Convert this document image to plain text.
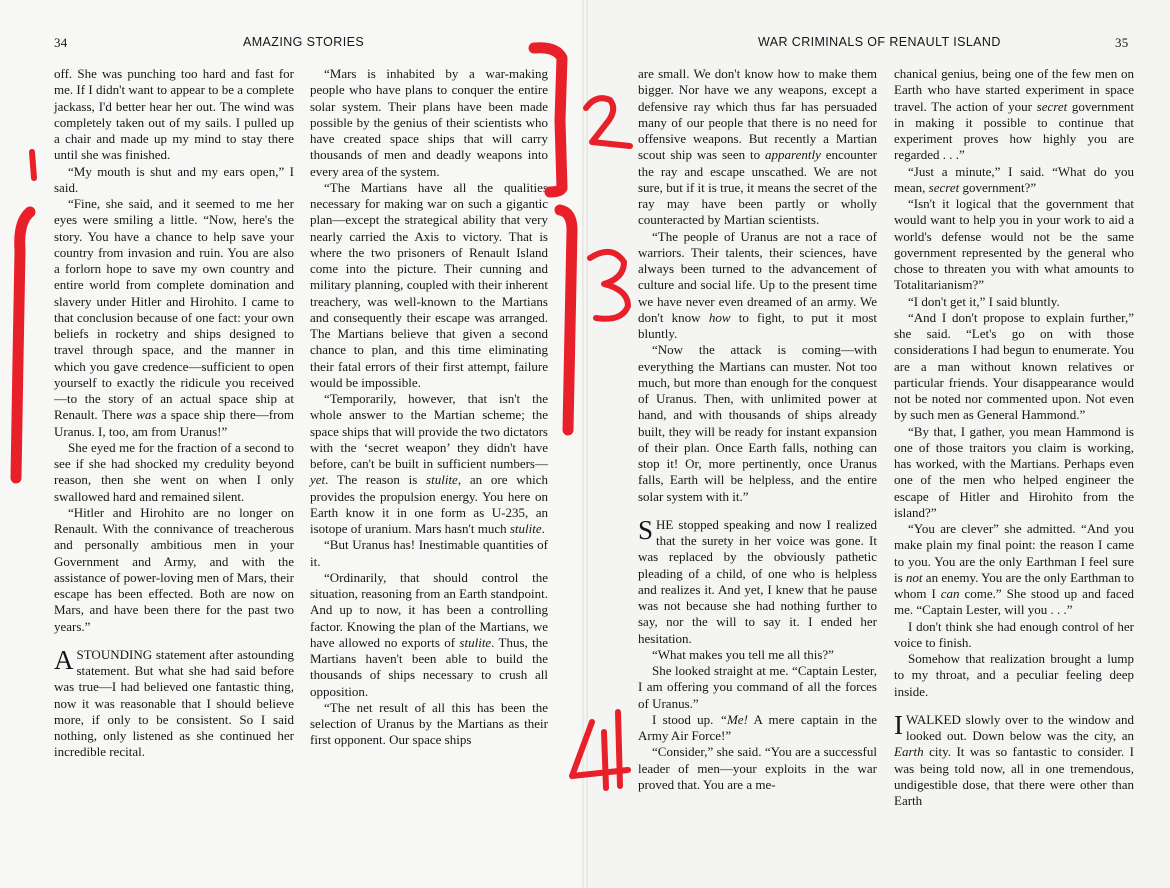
34	AMAZING STORIES

off. She was punching too hard and fast for me. If I didn't want to appear to be a complete jackass, I'd better hear her out. The wind was completely taken out of my sails. I pulled up a chair and made up my mind to stay there until she was finished.

“My mouth is shut and my ears open,” I said.

“Fine, she said, and it seemed to me her eyes were smiling a little. “Now, here's the story. You have a chance to help save your country from invasion and ruin. You are also a forlorn hope to save my own country and entire world from complete domination and slavery under Hitler and Hirohito. I came to that conclusion because of one fact: your own beliefs in rocketry and ships designed to travel through space, and the manner in which you gave credence—sufficient to open yourself to exactly the ridicule you received—to the story of an actual space ship at Renault. There was a space ship there—from Uranus. I, too, am from Uranus!”

She eyed me for the fraction of a second to see if she had shocked my credulity beyond reason, then she went on when I only swallowed hard and remained silent.

“Hitler and Hirohito are no longer on Renault. With the connivance of treacherous and personally ambitious men in your Government and Army, and with the assistance of power-loving men of Mars, their escape has been effected. Both are now on Mars, and have been there for the past two years.”

ASTOUNDING statement after astounding statement. But what she had said before was true—I had believed one fantastic thing, now it was reasonable that I should believe more, if only to be consistent. So I said nothing, only listened as she continued her incredible recital.

“Mars is inhabited by a war-making people who have plans to conquer the entire solar system. Their plans have been made possible by the genius of their scientists who have created space ships that will carry thousands of men and deadly weapons into every area of the system.

“The Martians have all the qualities necessary for making war on such a gigantic plan—except the strategical ability that very nearly carried the Axis to victory. That is where the two prisoners of Renault Island come into the picture. Their cunning and military planning, coupled with their inherent treachery, was well-known to the Martians and consequently their escape was arranged. The Martians believe that given a second chance to plan, and this time eliminating their fatal errors of their first attempt, failure would be impossible.

“Temporarily, however, that isn't the whole answer to the Martian scheme; the space ships that will provide the two dictators with the ‘secret weapon’ they didn't have before, can't be built in sufficient numbers—yet. The reason is stulite, an ore which provides the propulsion energy. You here on Earth know it in one form as U-235, an isotope of uranium. Mars hasn't much stulite.

“But Uranus has! Inestimable quantities of it.

“Ordinarily, that should control the situation, reasoning from an Earth standpoint. And up to now, it has been a controlling factor. Knowing the plan of the Martians, we have allowed no exports of stulite. Thus, the Martians haven't been able to build the thousands of ships necessary to crush all opposition.

“The net result of all this has been the selection of Uranus by the Martians as their first opponent. Our space ships

WAR CRIMINALS OF RENAULT ISLAND	35

are small. We don't know how to make them bigger. Nor have we any weapons, except a defensive ray which thus far has persuaded many of our people that there is no need for offensive weapons. But recently a Martian scout ship was seen to apparently encounter the ray and escape unscathed. We are not sure, but if it is true, it means the secret of the ray may have been partly or wholly counteracted by Martian scientists.

“The people of Uranus are not a race of warriors. Their talents, their sciences, have always been turned to the advancement of culture and social life. Up to the present time we have never even dreamed of an army. We don't know how to fight, to put it most bluntly.

“Now the attack is coming—with everything the Martians can muster. Not too much, but more than enough for the conquest of Uranus. Then, with unlimited power at hand, and with thousands of ships already built, they will be ready for instant expansion of their plan. Once Earth falls, nothing can stop it! Or, more pertinently, once Uranus falls, Earth will be helpless, and the entire solar system with it.”

SHE stopped speaking and now I realized that the surety in her voice was gone. It was replaced by the obviously pathetic pleading of a child, of one who is helpless and realizes it. And yet, I knew that he pause was not because she had nothing further to say, nor the will to say it. I ended her hesitation.

“What makes you tell me all this?”

She looked straight at me. “Captain Lester, I am offering you command of all the forces of Uranus.”

I stood up. “Me! A mere captain in the Army Air Force!”

“Consider,” she said. “You are a successful leader of men—your exploits in the war proved that. You are a me-

chanical genius, being one of the few men on Earth who have started experiment in space travel. The action of your secret government in making it possible to continue that experiment proves how highly you are regarded . . .”

“Just a minute,” I said. “What do you mean, secret government?”

“Isn't it logical that the government that would want to help you in your work to aid a world's defense would not be the same government represented by the general who chose to threaten you with what amounts to Totalitarianism?”

“I don't get it,” I said bluntly.

“And I don't propose to explain further,” she said. “Let's go on with those considerations I had begun to enumerate. You are a man without known relatives or particular friends. Your disappearance would not be noted nor commented upon. Not even by such men as General Hammond.”

“By that, I gather, you mean Hammond is one of those traitors you claim is working, has worked, with the Martians. Perhaps even one of the men who helped engineer the escape of Hitler and Hirohito from the island?”

“You are clever” she admitted. “And you make plain my final point: the reason I came to you. You are the only Earthman I feel sure is not an enemy. You are the only Earthman to whom I can come.” She stood up and faced me. “Captain Lester, will you . . .”

I don't think she had enough control of her voice to finish.

Somehow that realization brought a lump to my throat, and a peculiar feeling deep inside.

I WALKED slowly over to the window and looked out. Down below was the city, an Earth city. It was so fantastic to consider. I was being told now, all in one tremendous, undigestible dose, that there were other than Earth
